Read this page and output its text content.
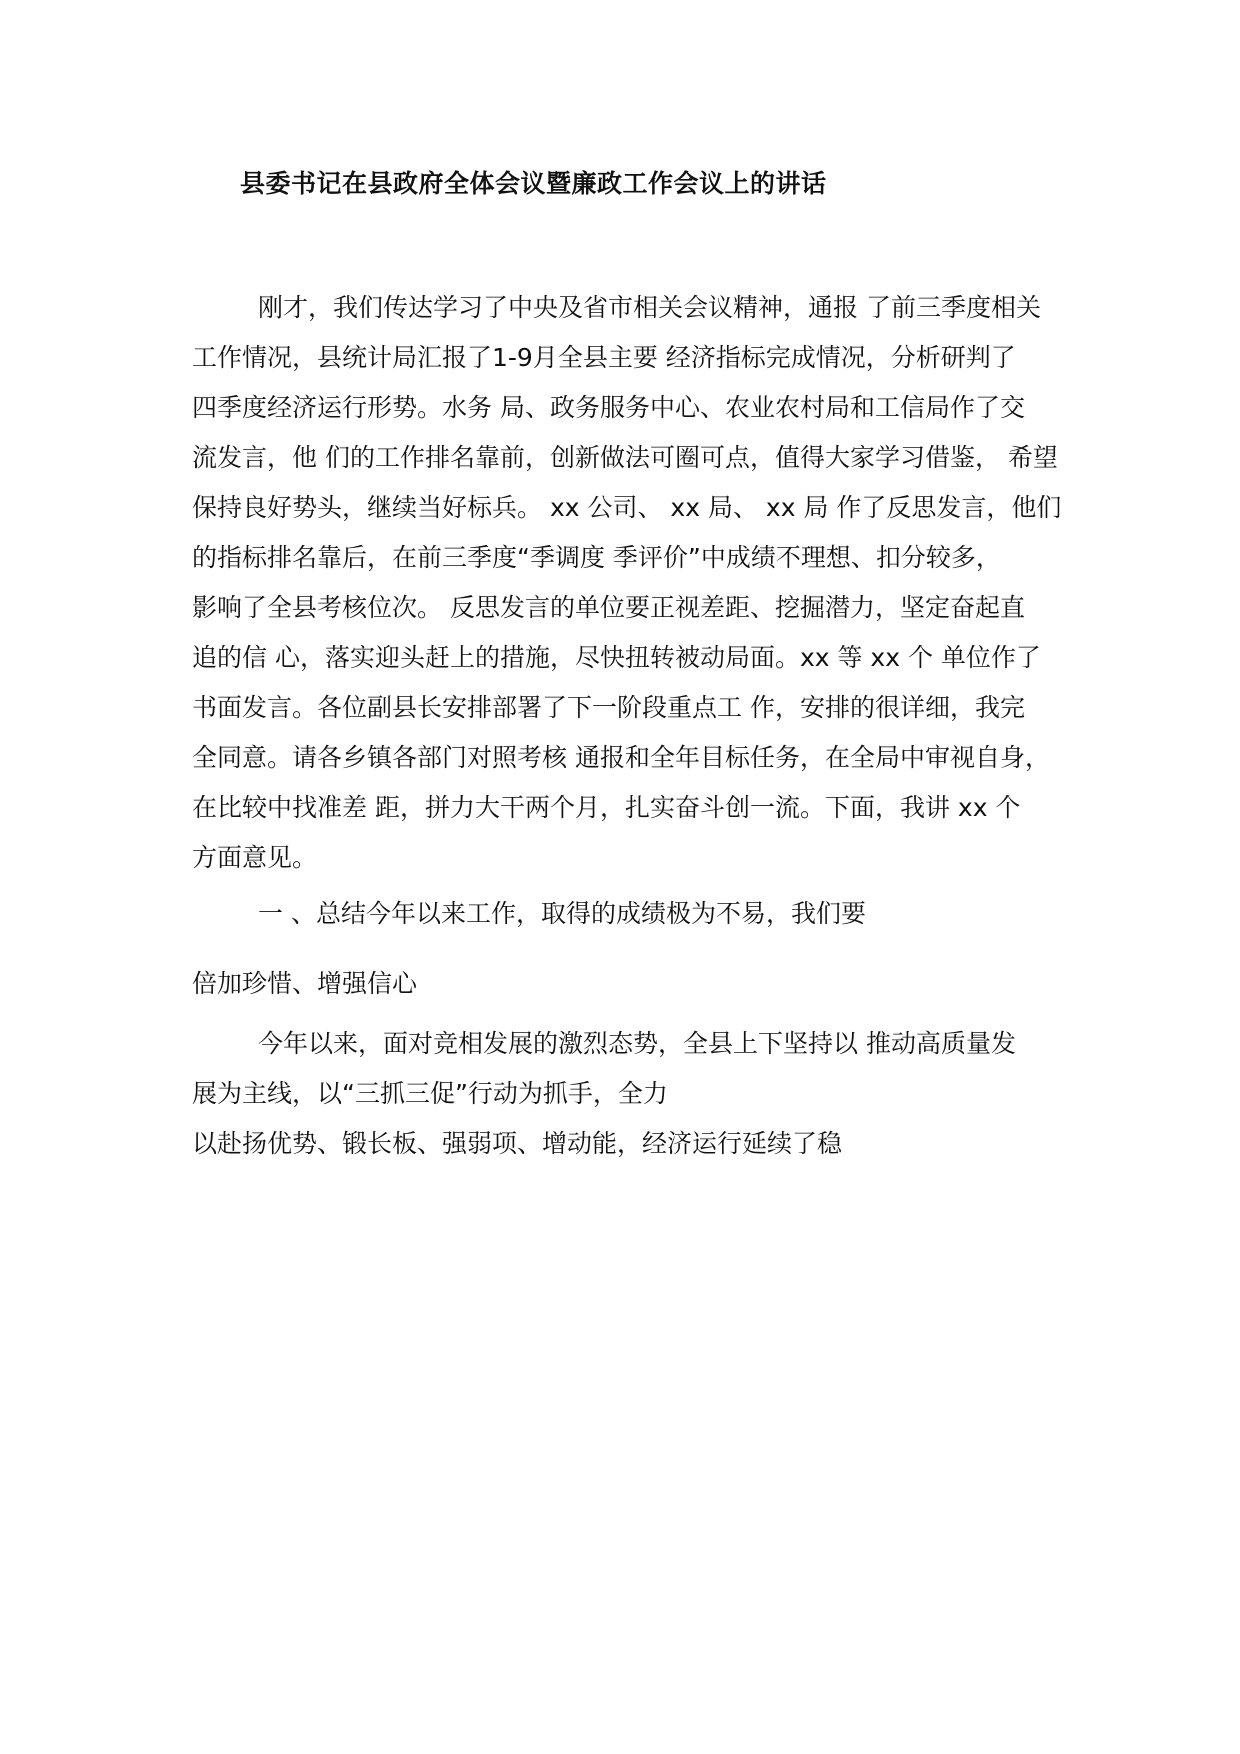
县委书记在县政府全体会议暨廉政工作会议上的讲话
刚才，我们传达学习了中央及省市相关会议精神，通报 了前三季度相关
工作情况，县统计局汇报了1-9月全县主要 经济指标完成情况，分析研判了
四季度经济运行形势。水务 局、政务服务中心、农业农村局和工信局作了交
流发言，他 们的工作排名靠前，创新做法可圈可点，值得大家学习借鉴， 希望
保持良好势头，继续当好标兵。 xx 公司、 xx 局、 xx 局 作了反思发言，他们
的指标排名靠后，在前三季度“季调度 季评价”中成绩不理想、扣分较多，
影响了全县考核位次。 反思发言的单位要正视差距、挖掘潜力，坚定奋起直
追的信 心，落实迎头赶上的措施，尽快扭转被动局面。xx 等 xx 个 单位作了
书面发言。各位副县长安排部署了下一阶段重点工 作，安排的很详细，我完
全同意。请各乡镇各部门对照考核 通报和全年目标任务，在全局中审视自身，
在比较中找准差 距，拼力大干两个月，扎实奋斗创一流。下面，我讲 xx 个
方面意见。
一 、总结今年以来工作，取得的成绩极为不易，我们要
倍加珍惜、增强信心
今年以来，面对竞相发展的激烈态势，全县上下坚持以 推动高质量发
展为主线，以“三抓三促”行动为抓手，全力
以赴扬优势、锻长板、强弱项、增动能，经济运行延续了稳
